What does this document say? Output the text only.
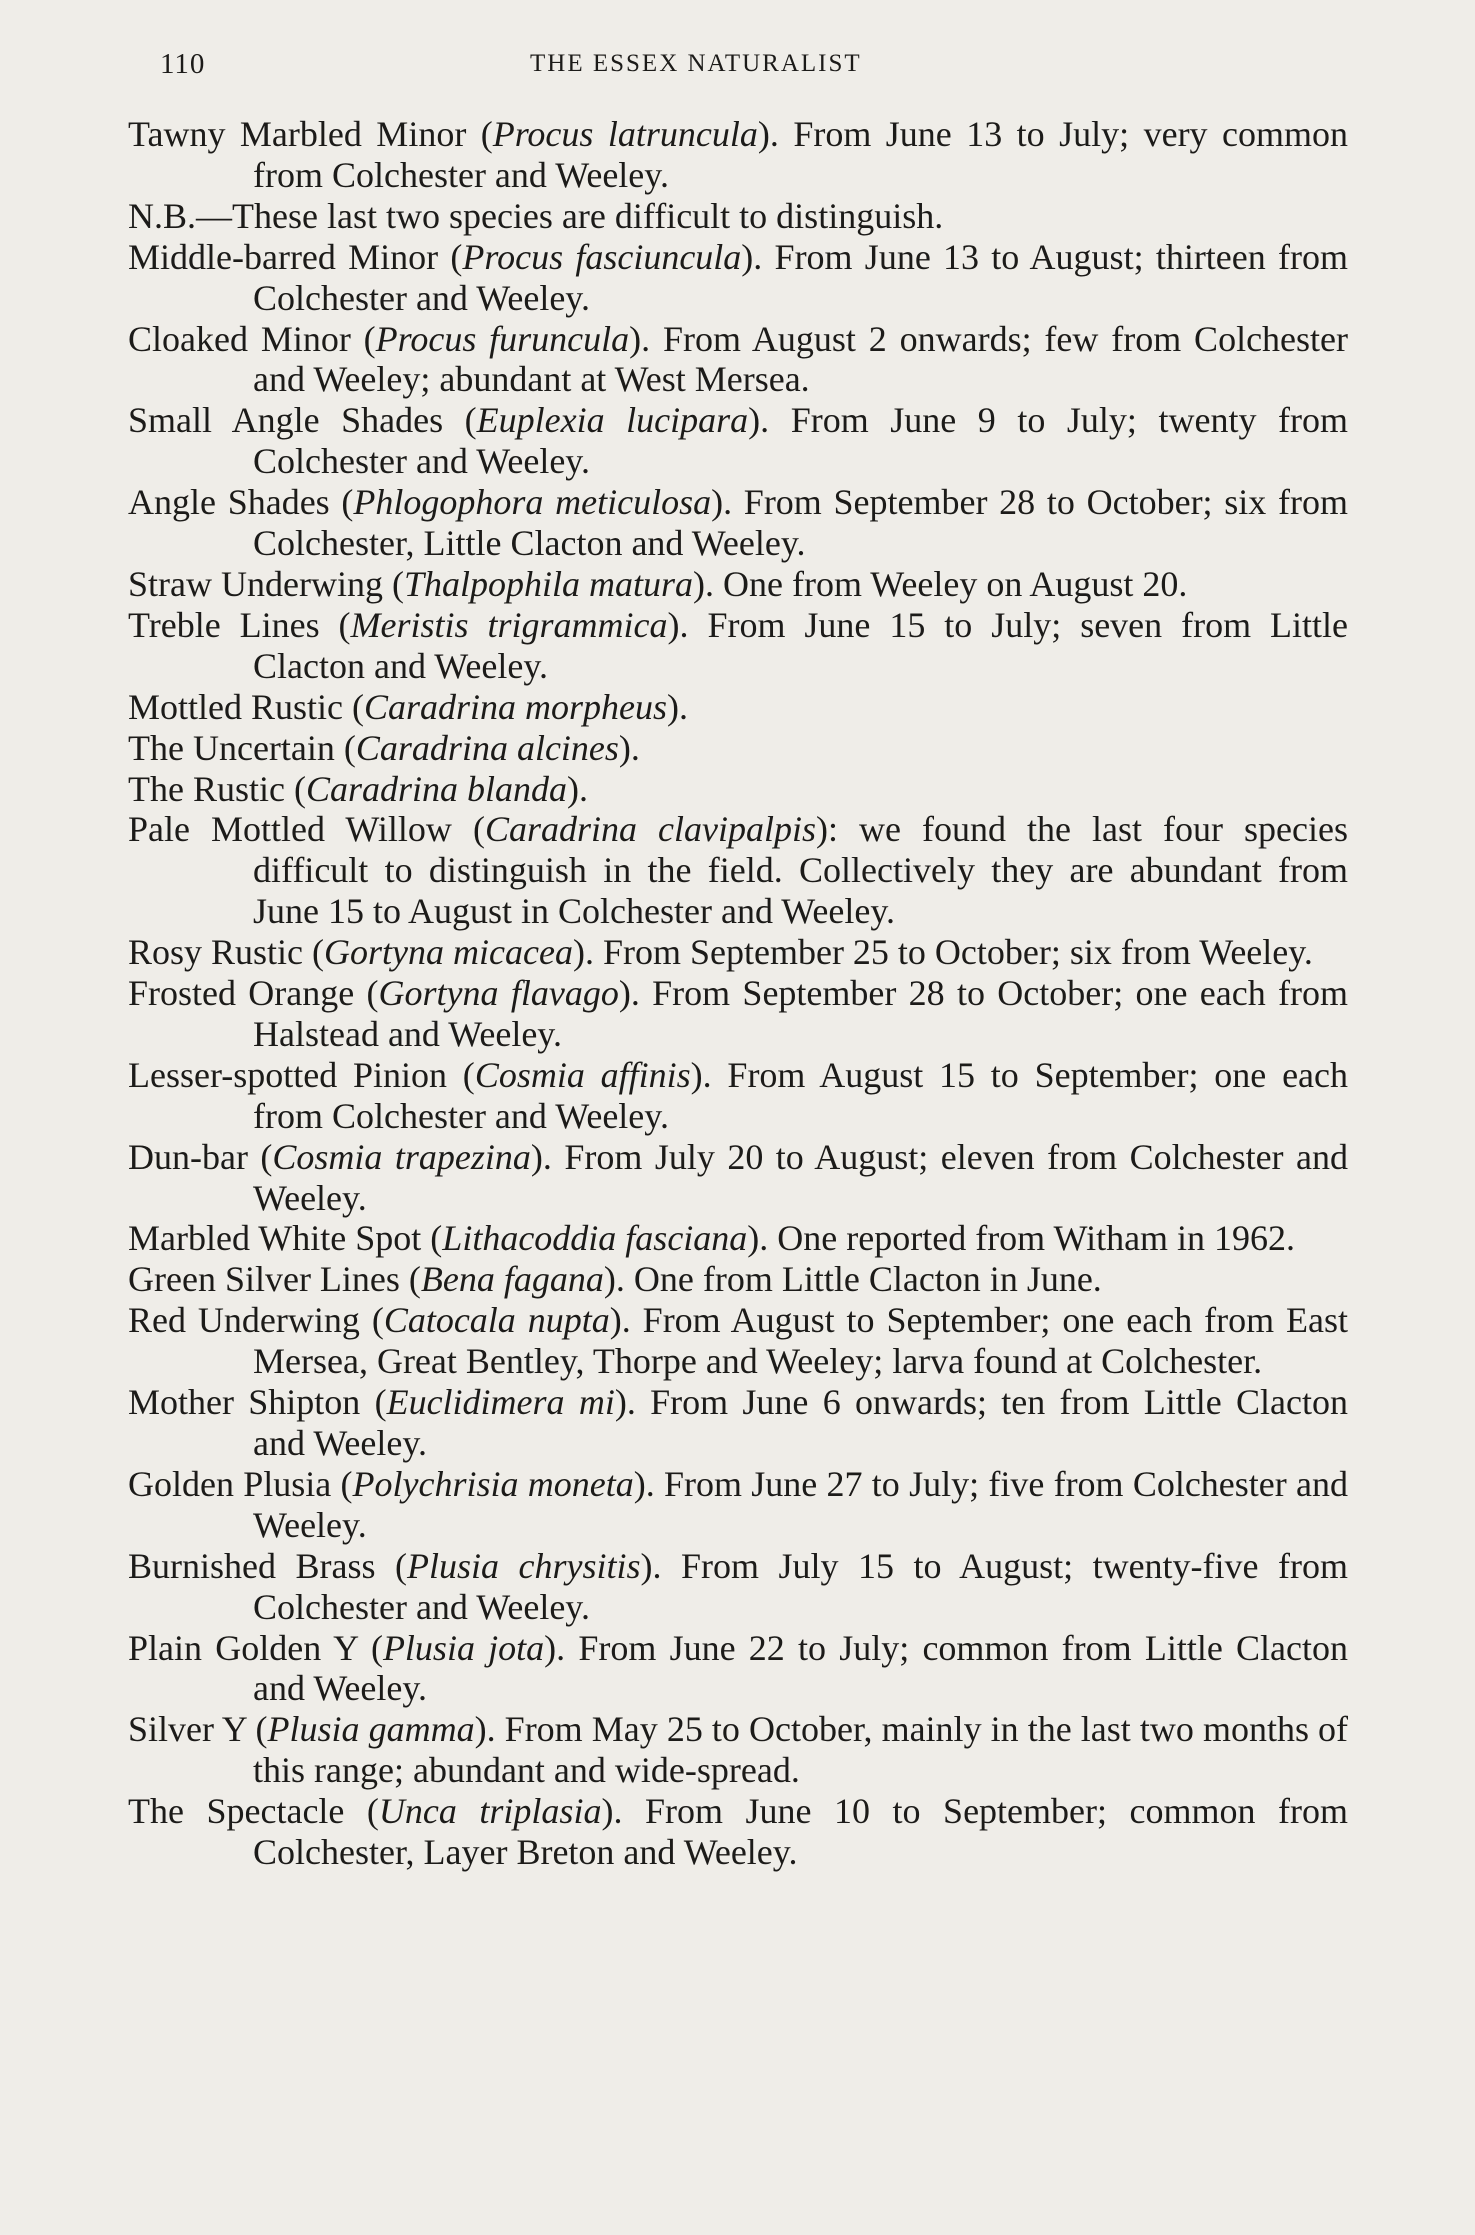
110	THE ESSEX NATURALIST
Tawny Marbled Minor (Procus latruncula). From June 13 to July; very common from Colchester and Weeley.
N.B.—These last two species are difficult to distinguish.
Middle-barred Minor (Procus fasciuncula). From June 13 to August; thirteen from Colchester and Weeley.
Cloaked Minor (Procus furuncula). From August 2 onwards; few from Colchester and Weeley; abundant at West Mersea.
Small Angle Shades (Euplexia lucipara). From June 9 to July; twenty from Colchester and Weeley.
Angle Shades (Phlogophora meticulosa). From September 28 to October; six from Colchester, Little Clacton and Weeley.
Straw Underwing (Thalpophila matura). One from Weeley on August 20.
Treble Lines (Meristis trigrammica). From June 15 to July; seven from Little Clacton and Weeley.
Mottled Rustic (Caradrina morpheus).
The Uncertain (Caradrina alcines).
The Rustic (Caradrina blanda).
Pale Mottled Willow (Caradrina clavipalpis): we found the last four species difficult to distinguish in the field. Collectively they are abundant from June 15 to August in Colchester and Weeley.
Rosy Rustic (Gortyna micacea). From September 25 to October; six from Weeley.
Frosted Orange (Gortyna flavago). From September 28 to October; one each from Halstead and Weeley.
Lesser-spotted Pinion (Cosmia affinis). From August 15 to September; one each from Colchester and Weeley.
Dun-bar (Cosmia trapezina). From July 20 to August; eleven from Colchester and Weeley.
Marbled White Spot (Lithacoddia fasciana). One reported from Witham in 1962.
Green Silver Lines (Bena fagana). One from Little Clacton in June.
Red Underwing (Catocala nupta). From August to September; one each from East Mersea, Great Bentley, Thorpe and Weeley; larva found at Colchester.
Mother Shipton (Euclidimera mi). From June 6 onwards; ten from Little Clacton and Weeley.
Golden Plusia (Polychrisia moneta). From June 27 to July; five from Colchester and Weeley.
Burnished Brass (Plusia chrysitis). From July 15 to August; twenty-five from Colchester and Weeley.
Plain Golden Y (Plusia jota). From June 22 to July; common from Little Clacton and Weeley.
Silver Y (Plusia gamma). From May 25 to October, mainly in the last two months of this range; abundant and wide-spread.
The Spectacle (Unca triplasia). From June 10 to September; common from Colchester, Layer Breton and Weeley.
